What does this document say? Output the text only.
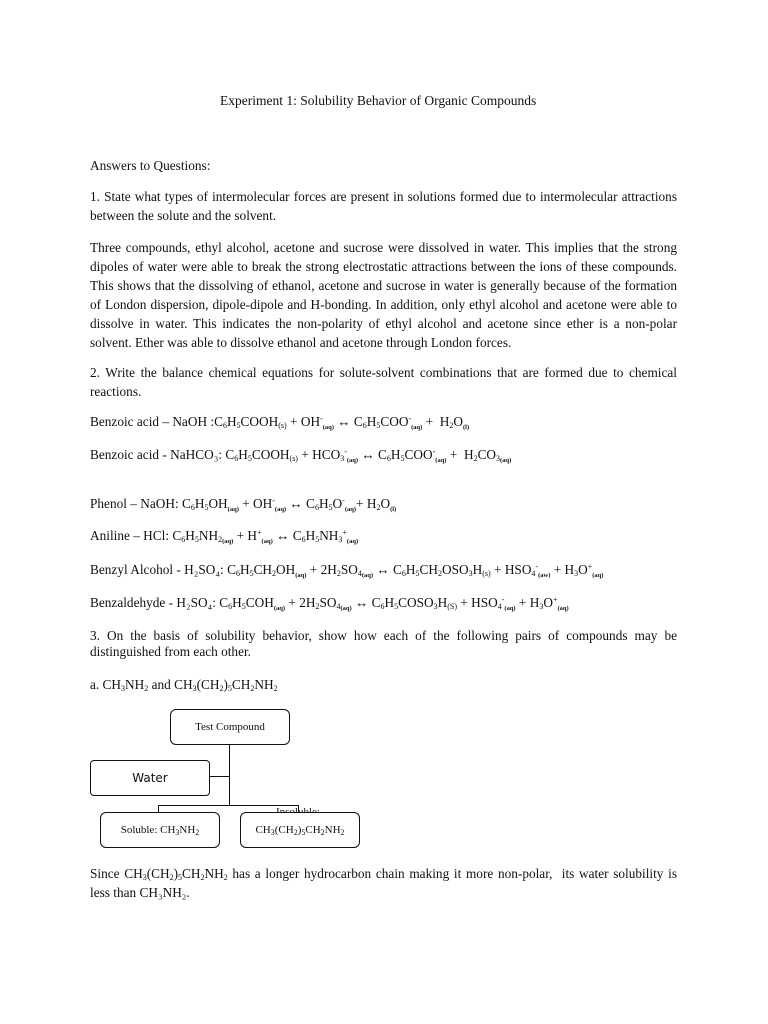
Experiment 1: Solubility Behavior of Organic Compounds

Answers to Questions:

1. State what types of intermolecular forces are present in solutions formed due to intermolecular attractions between the solute and the solvent.

Three compounds, ethyl alcohol, acetone and sucrose were dissolved in water. This implies that the strong dipoles of water were able to break the strong electrostatic attractions between the ions of these compounds. This shows that the dissolving of ethanol, acetone and sucrose in water is generally because of the formation of London dispersion, dipole-dipole and H-bonding. In addition, only ethyl alcohol and acetone were able to dissolve in water. This indicates the non-polarity of ethyl alcohol and acetone since ether is a non-polar solvent. Ether was able to dissolve ethanol and acetone through London forces.

2. Write the balance chemical equations for solute-solvent combinations that are formed due to chemical reactions.

Benzoic acid – NaOH $:C_6H_5COOH_{(s)} + OH^-_{(aq)}$ ↔ $C_6H_5COO^-_{(aq)} + H_2O_{(l)}$
Benzoic acid - NaHCO₃: $C_6H_5COOH_{(s)} + HCO_3^-_{(aq)}$ ↔ $C_6H_5COO^-_{(aq)} + H_2CO_{3(aq)}$
Phenol – NaOH: $C_6H_5OH_{(aq)} + OH^-_{(aq)}$ ↔ $C_6H_5O^-_{(aq)}+ H_2O_{(l)}$
Aniline – HCl: $C_6H_5NH_{2(aq)} + H^+_{(aq)}$ ↔ $C_6H_5NH_3^+_{(aq)}$
Benzyl Alcohol - H₂SO₄: $C_6H_5CH_2OH_{(aq)} + 2H_2SO_{4(aq)}$ ↔ $C_6H_5CH_2OSO_3H_{(s)} + HSO_4^-_{(aw)} + H_3O^+_{(aq)}$
Benzaldehyde - H₂SO₄: $C_6H_5COH_{(aq)} + 2H_2SO_{4(aq)}$ ↔ $C_6H_5COSO_3H_{(S)} + HSO_4^-_{(aq)} + H_3O^+_{(aq)}$

3. On the basis of solubility behavior, show how each of the following pairs of compounds may be distinguished from each other.

a. $CH_3NH_2$ and $CH_3(CH_2)_5CH_2NH_2$
Test Compound
Water
Soluble: $CH_3NH_2$	$CH_3(CH_2)_5CH_2NH_2$

Since $CH_3(CH_2)_5CH_2NH_2$ has a longer hydrocarbon chain making it more non-polar,  its water solubility is less than CH₃NH₂.
